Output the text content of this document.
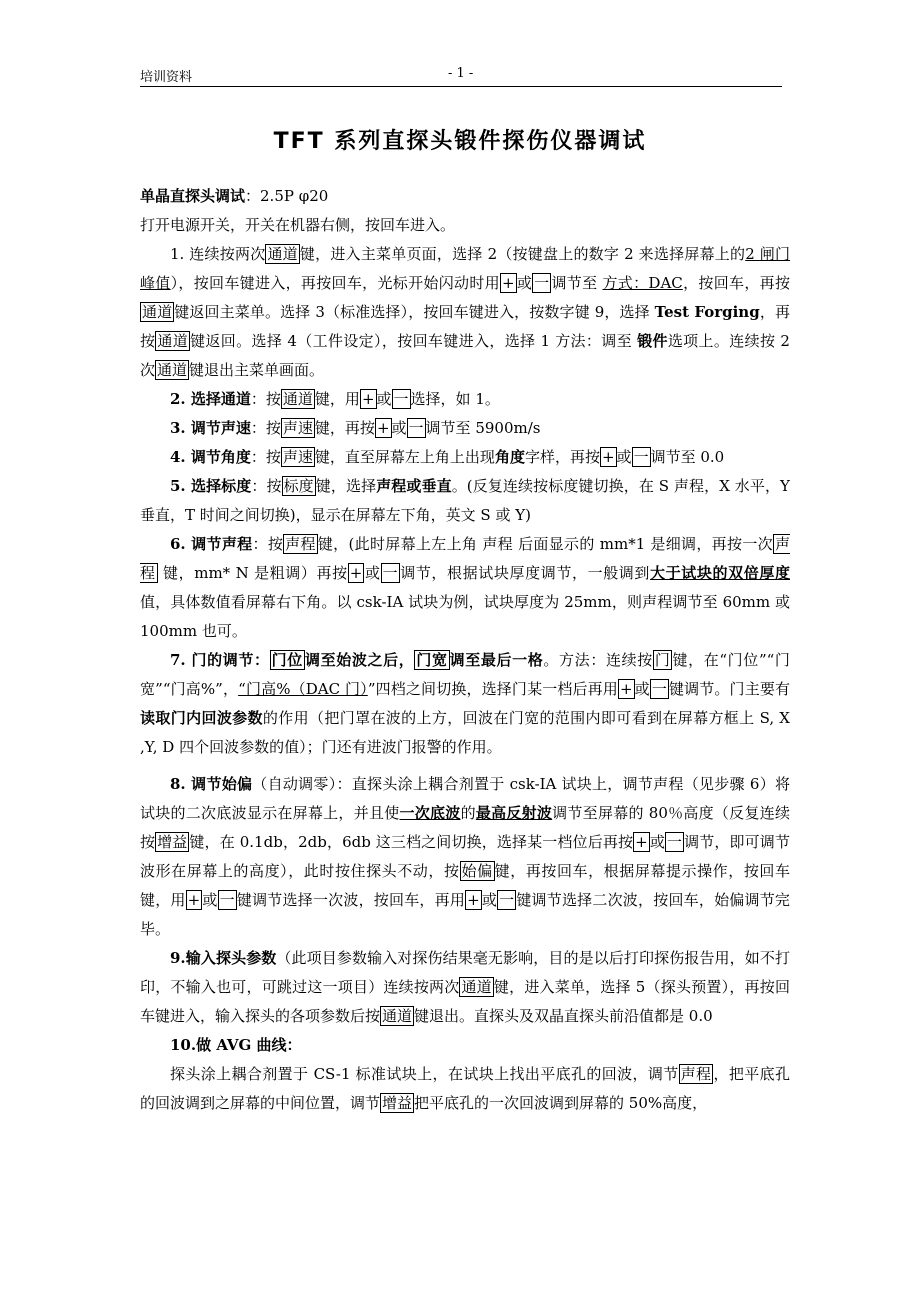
培训资料	- 1 -
TFT 系列直探头锻件探伤仪器调试

单晶直探头调试：2.5P φ20

打开电源开关，开关在机器右侧，按回车进入。

1. 连续按两次 通道 键，进入主菜单页面，选择 2（按键盘上的数字 2 来选择屏幕上的2 闸门峰值），按回车键进入，再按回车，光标开始闪动时用 + 或 一 调节至 方式：DAC，按回车，再按通道 键返回主菜单。选择 3（标准选择），按回车键进入，按数字键 9，选择 Test Forging，再按 通道 键返回。选择 4（工件设定），按回车键进入，选择 1 方法：调至 锻件选项上。连续按 2 次 通道 键退出主菜单画面。

2. 选择通道：按 通道 键，用 + 或 一 选择，如 1。

3. 调节声速：按 声速 键，再按 + 或 一 调节至 5900m/s

4. 调节角度：按 声速 键，直至屏幕左上角上出现角度字样，再按 + 或 一 调节至 0.0

5. 选择标度：按 标度 键，选择声程或垂直。(反复连续按标度键切换，在 S 声程，X 水平，Y 垂直，T 时间之间切换)，显示在屏幕左下角，英文 S 或 Y)

6. 调节声程：按 声程 键，(此时屏幕上左上角 声程 后面显示的 mm*1 是细调，再按一次 声程 键，mm* N 是粗调）再按 + 或 一 调节，根据试块厚度调节，一般调到大于试块的双倍厚度值，具体数值看屏幕右下角。以 csk-IA 试块为例，试块厚度为 25mm，则声程调节至 60mm 或 100mm 也可。

7. 门的调节： 门位 调至始波之后， 门宽 调至最后一格。方法：连续按 门 键，在“门位”“门宽”“门高%”，“门高%（DAC 门）”四档之间切换，选择门某一档后再用 + 或 一 键调节。门主要有读取门内回波参数的作用（把门罩在波的上方，回波在门宽的范围内即可看到在屏幕方框上 S, X ,Y, D 四个回波参数的值）；门还有进波门报警的作用。

8. 调节始偏（自动调零）：直探头涂上耦合剂置于 csk-IA 试块上，调节声程（见步骤 6）将试块的二次底波显示在屏幕上，并且使一次底波的最高反射波调节至屏幕的 80％高度（反复连续按 增益 键，在 0.1db，2db，6db 这三档之间切换，选择某一档位后再按 + 或 一 调节，即可调节波形在屏幕上的高度），此时按住探头不动，按 始偏 键，再按回车，根据屏幕提示操作，按回车键，用 + 或 一 键调节选择一次波，按回车，再用 + 或 一 键调节选择二次波，按回车，始偏调节完毕。

9.输入探头参数（此项目参数输入对探伤结果毫无影响，目的是以后打印探伤报告用，如不打印，不输入也可，可跳过这一项目）连续按两次 通道 键，进入菜单，选择 5（探头预置），再按回车键进入，输入探头的各项参数后按 通道 键退出。直探头及双晶直探头前沿值都是 0.0

10.做 AVG 曲线：

探头涂上耦合剂置于 CS-1 标准试块上，在试块上找出平底孔的回波，调节 声程 ，把平底孔的回波调到之屏幕的中间位置，调节 增益 把平底孔的一次回波调到屏幕的 50%高度，
